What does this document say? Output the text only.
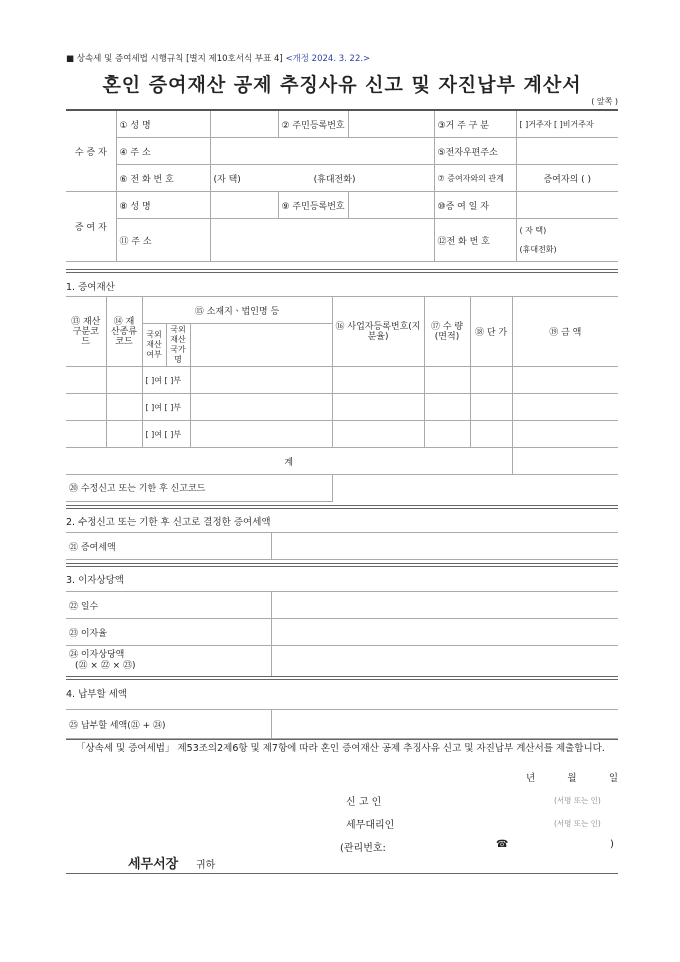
■ 상속세 및 증여세법 시행규칙 [별지 제10호서식 부표 4] <개정 2024. 3. 22.>
혼인 증여재산 공제 추징사유 신고 및 자진납부 계산서
( 앞쪽 )
수 증 자	① 성 명		② 주민등록번호		③거 주 구 분	[ ]거주자 [ ]비거주자
	④ 주 소				⑤전자우편주소	
	⑥ 전 화 번 호	(자 택) (휴대전화)			⑦ 증여자와의 관계	증여자의 ( )
증 여 자	⑧ 성 명		⑨ 주민등록번호		⑩증 여 일 자	
	⑪ 주 소				⑫전 화 번 호	( 자 택)
(휴대전화)
1. 증여재산
⑬ 재산구분코드	⑭ 재산종류코드	⑮ 소재지ㆍ법인명 등			⑯ 사업자등록번호(지분율)	⑰ 수 량(면적)	⑱ 단 가	⑲ 금 액
		국외재산여부	국외재산국가명					
		[ ]여 [ ]부						
		[ ]여 [ ]부						
		[ ]여 [ ]부						
계								
⑳ 수정신고 또는 기한 후 신고코드								
2. 수정신고 또는 기한 후 신고로 결정한 증여세액
㉑ 증여세액	
3. 이자상당액
㉒ 일수	
㉓ 이자율	

㉔ 이자상당액
(㉑ × ㉒ × ㉓)	

4. 납부할 세액
㉕ 납부할 세액(㉑ + ㉔)	
「상속세 및 증여세법」 제53조의2제6항 및 제7항에 따라 혼인 증여재산 공제 추징사유 신고 및 자진납부 계산서를 제출합니다.
년	월	일
신 고 인	(서명 또는 인)
세무대리인	(서명 또는 인)
(관리번호:	☎	)
세무서장 귀하
